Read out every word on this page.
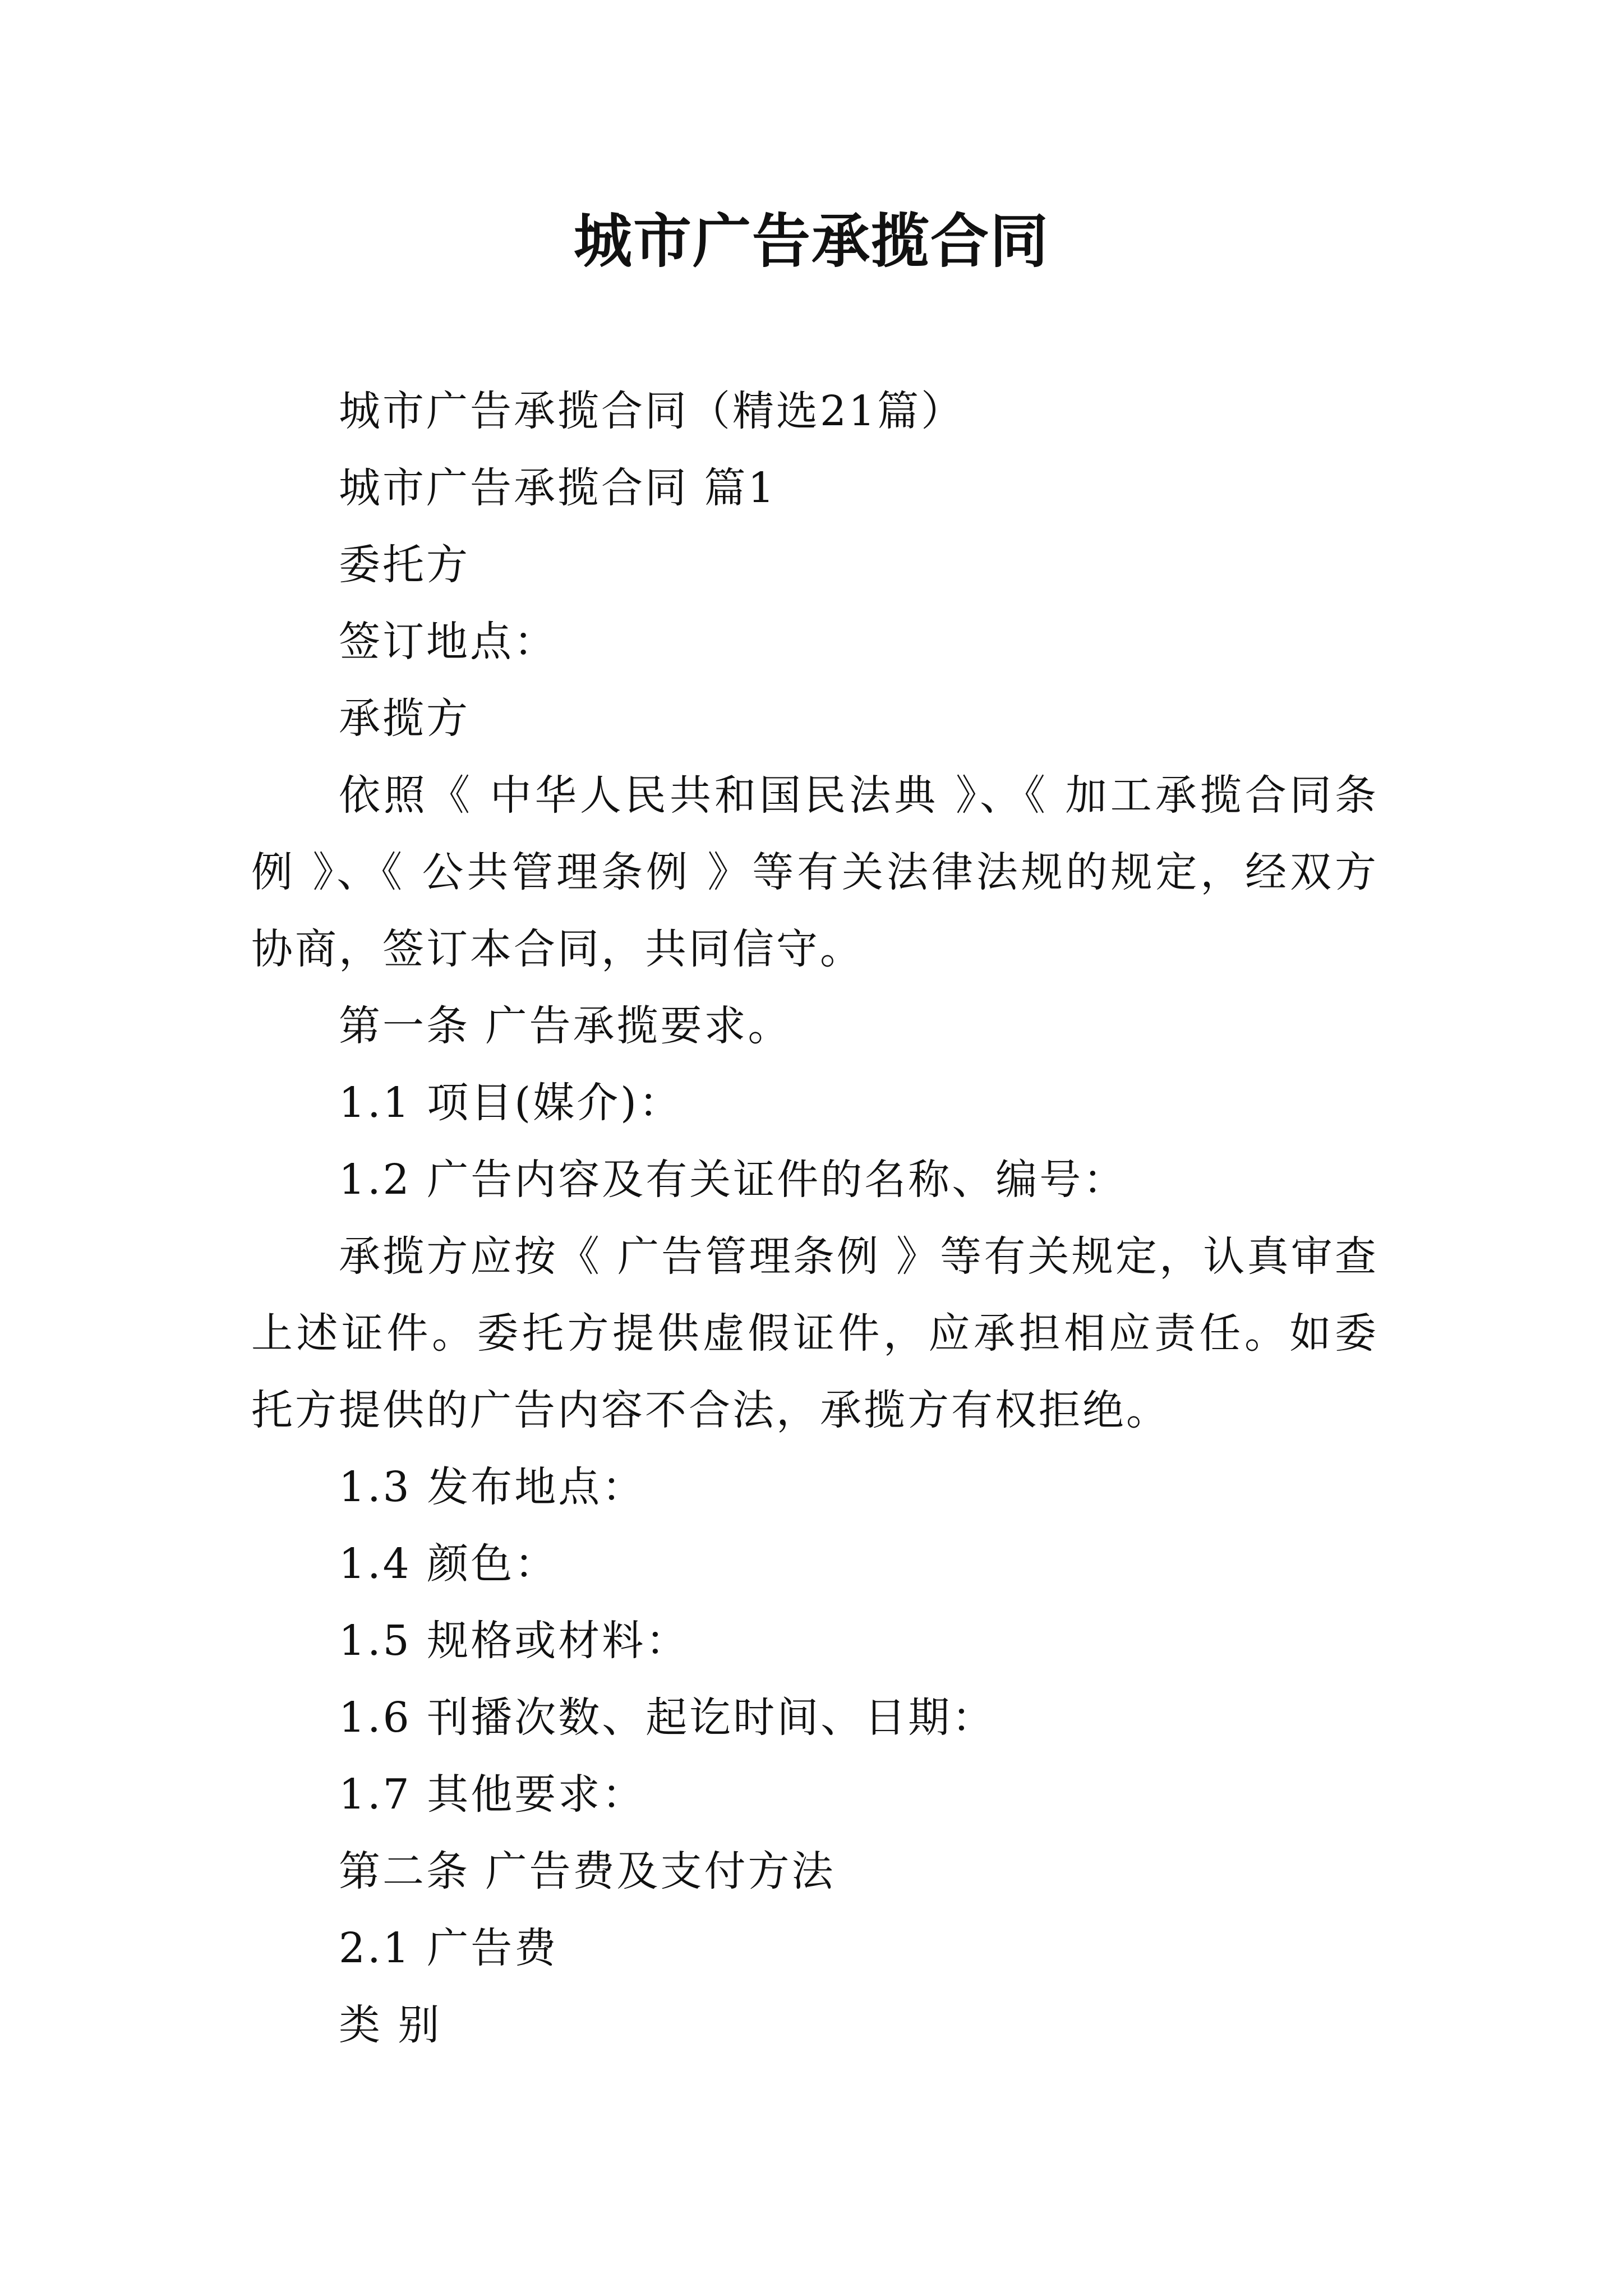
城市广告承揽合同

城市广告承揽合同（精选21篇）

城市广告承揽合同 篇1

委托方

签订地点：

承揽方

依照《 中华人民共和国民法典 》、《 加工承揽合同条例 》、《 公共管理条例 》等有关法律法规的规定，经双方协商，签订本合同，共同信守。

第一条 广告承揽要求。

1.1 项目(媒介)：

1.2 广告内容及有关证件的名称、编号：

承揽方应按《 广告管理条例 》等有关规定，认真审查上述证件。委托方提供虚假证件，应承担相应责任。如委托方提供的广告内容不合法，承揽方有权拒绝。

1.3 发布地点：

1.4 颜色：

1.5 规格或材料：

1.6 刊播次数、起讫时间、日期：

1.7 其他要求：

第二条 广告费及支付方法

2.1 广告费

类 别
